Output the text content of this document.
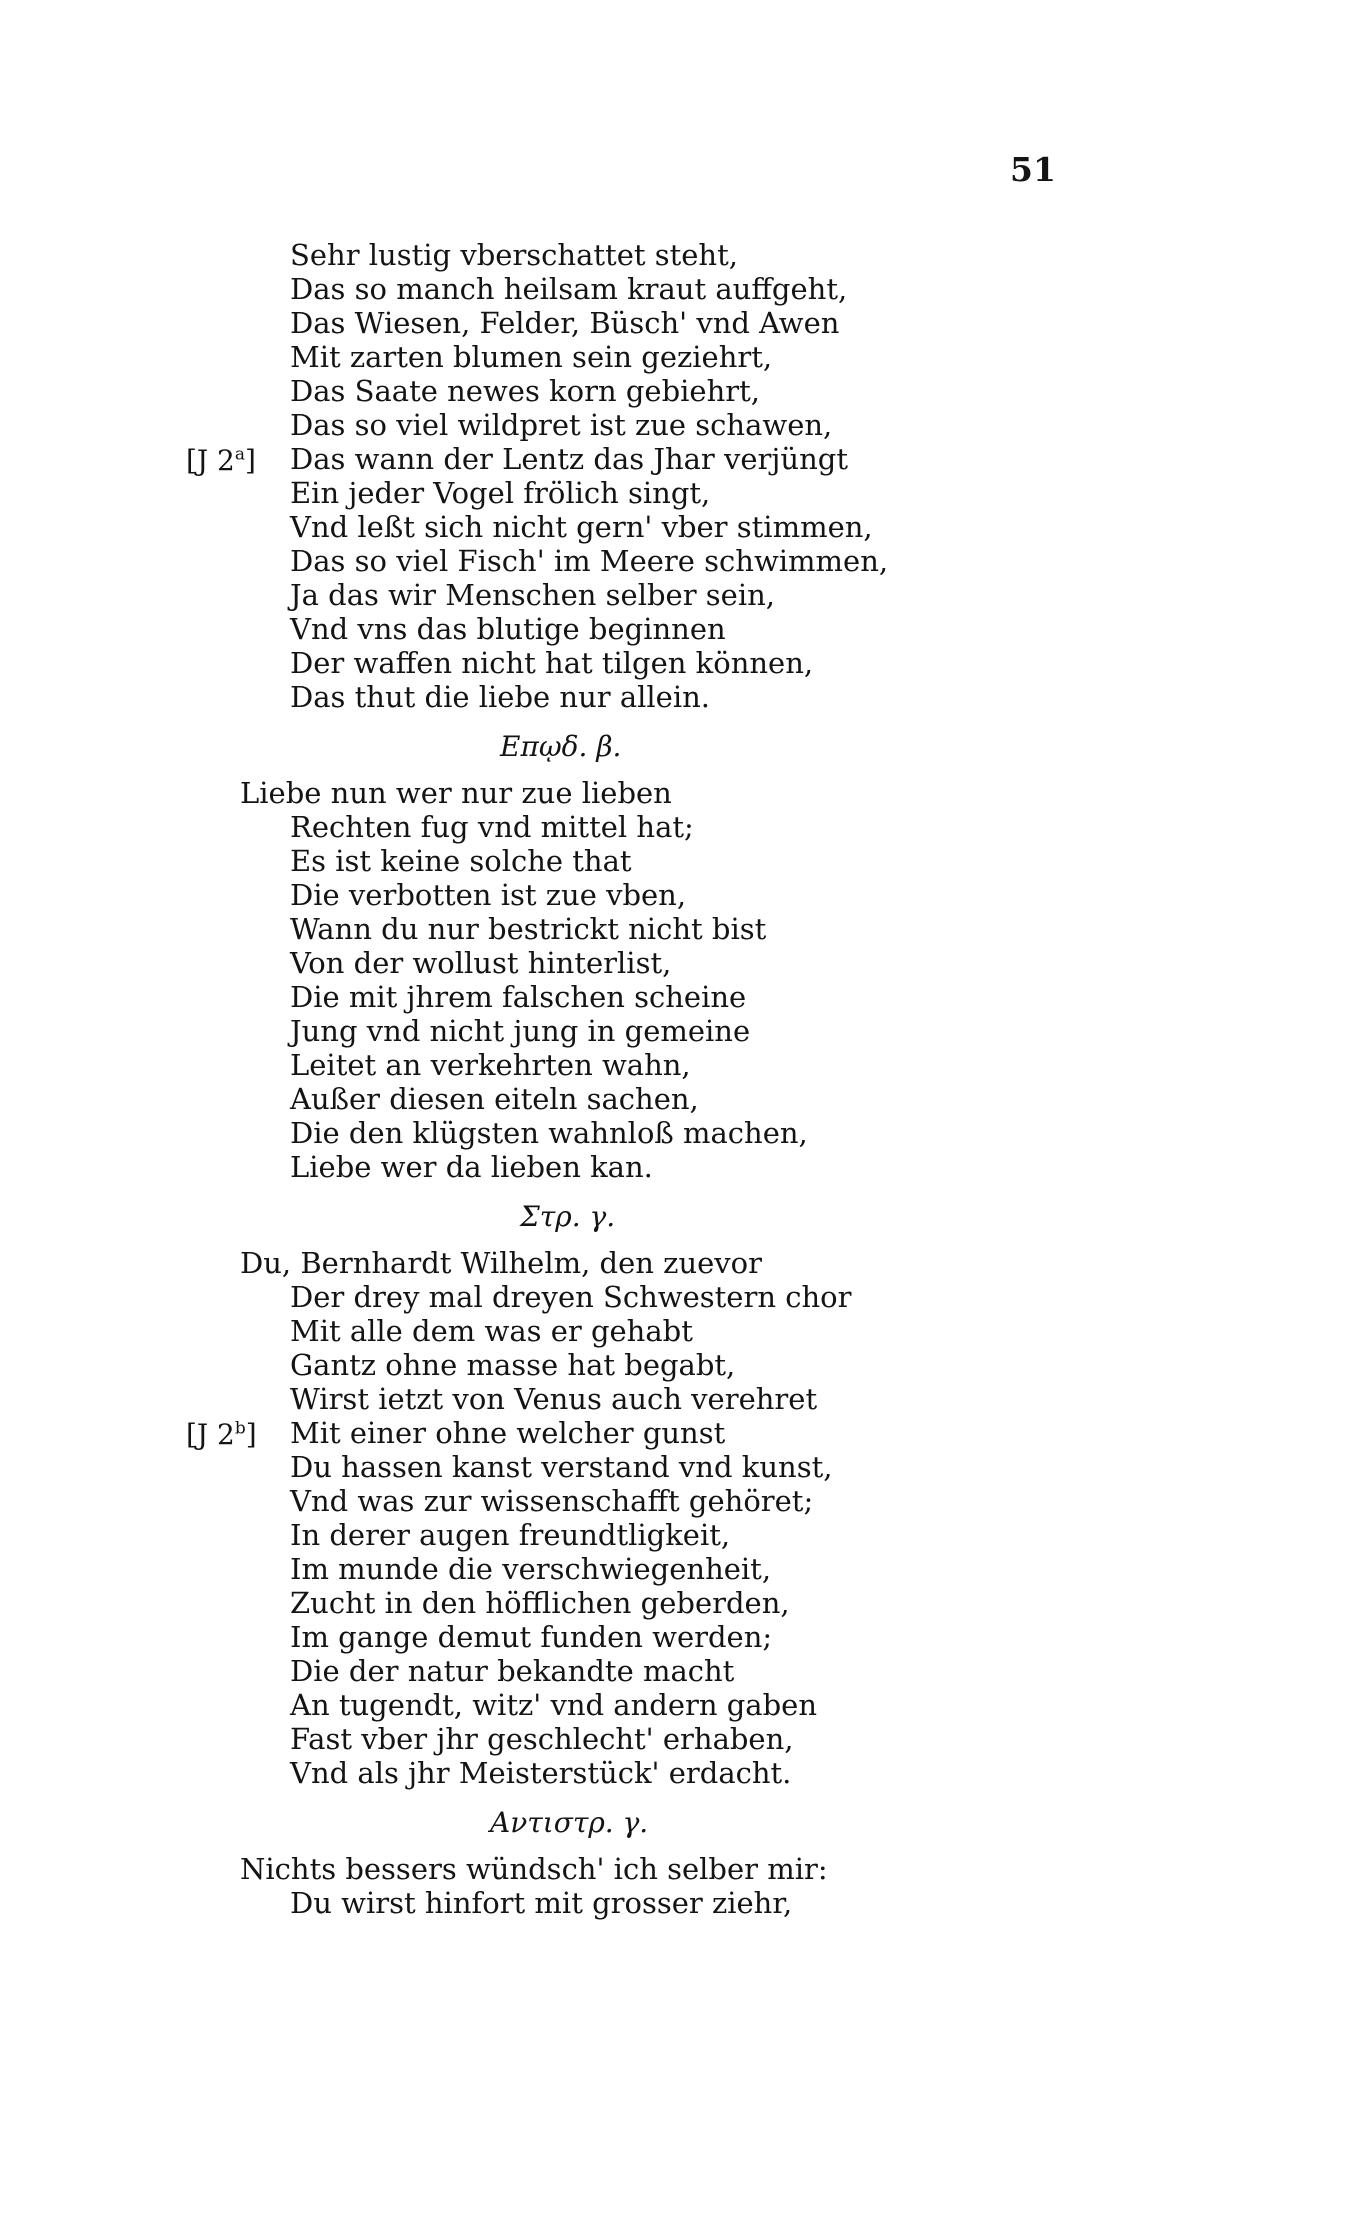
51
Sehr lustig vberschattet steht,
Das so manch heilsam kraut auffgeht,
Das Wiesen, Felder, Büsch' vnd Awen
Mit zarten blumen sein geziehrt,
Das Saate newes korn gebiehrt,
Das so viel wildpret ist zue schawen,
[J 2$^a$] Das wann der Lentz das Jhar verjüngt
Ein jeder Vogel frölich singt,
Vnd leßt sich nicht gern' vber stimmen,
Das so viel Fisch' im Meere schwimmen,
Ja das wir Menschen selber sein,
Vnd vns das blutige beginnen
Der waffen nicht hat tilgen können,
Das thut die liebe nur allein.
Επῳδ. β.
Liebe nun wer nur zue lieben
Rechten fug vnd mittel hat;
Es ist keine solche that
Die verbotten ist zue vben,
Wann du nur bestrickt nicht bist
Von der wollust hinterlist,
Die mit jhrem falschen scheine
Jung vnd nicht jung in gemeine
Leitet an verkehrten wahn,
Außer diesen eiteln sachen,
Die den klügsten wahnloß machen,
Liebe wer da lieben kan.
Στρ. γ.
Du, Bernhardt Wilhelm, den zuevor
Der drey mal dreyen Schwestern chor
Mit alle dem was er gehabt
Gantz ohne masse hat begabt,
Wirst ietzt von Venus auch verehret
[J 2$^b$] Mit einer ohne welcher gunst
Du hassen kanst verstand vnd kunst,
Vnd was zur wissenschafft gehöret;
In derer augen freundtligkeit,
Im munde die verschwiegenheit,
Zucht in den höfflichen geberden,
Im gange demut funden werden;
Die der natur bekandte macht
An tugendt, witz' vnd andern gaben
Fast vber jhr geschlecht' erhaben,
Vnd als jhr Meisterstück' erdacht.
Αντιστρ. γ.
Nichts bessers wündsch' ich selber mir:
Du wirst hinfort mit grosser ziehr,
